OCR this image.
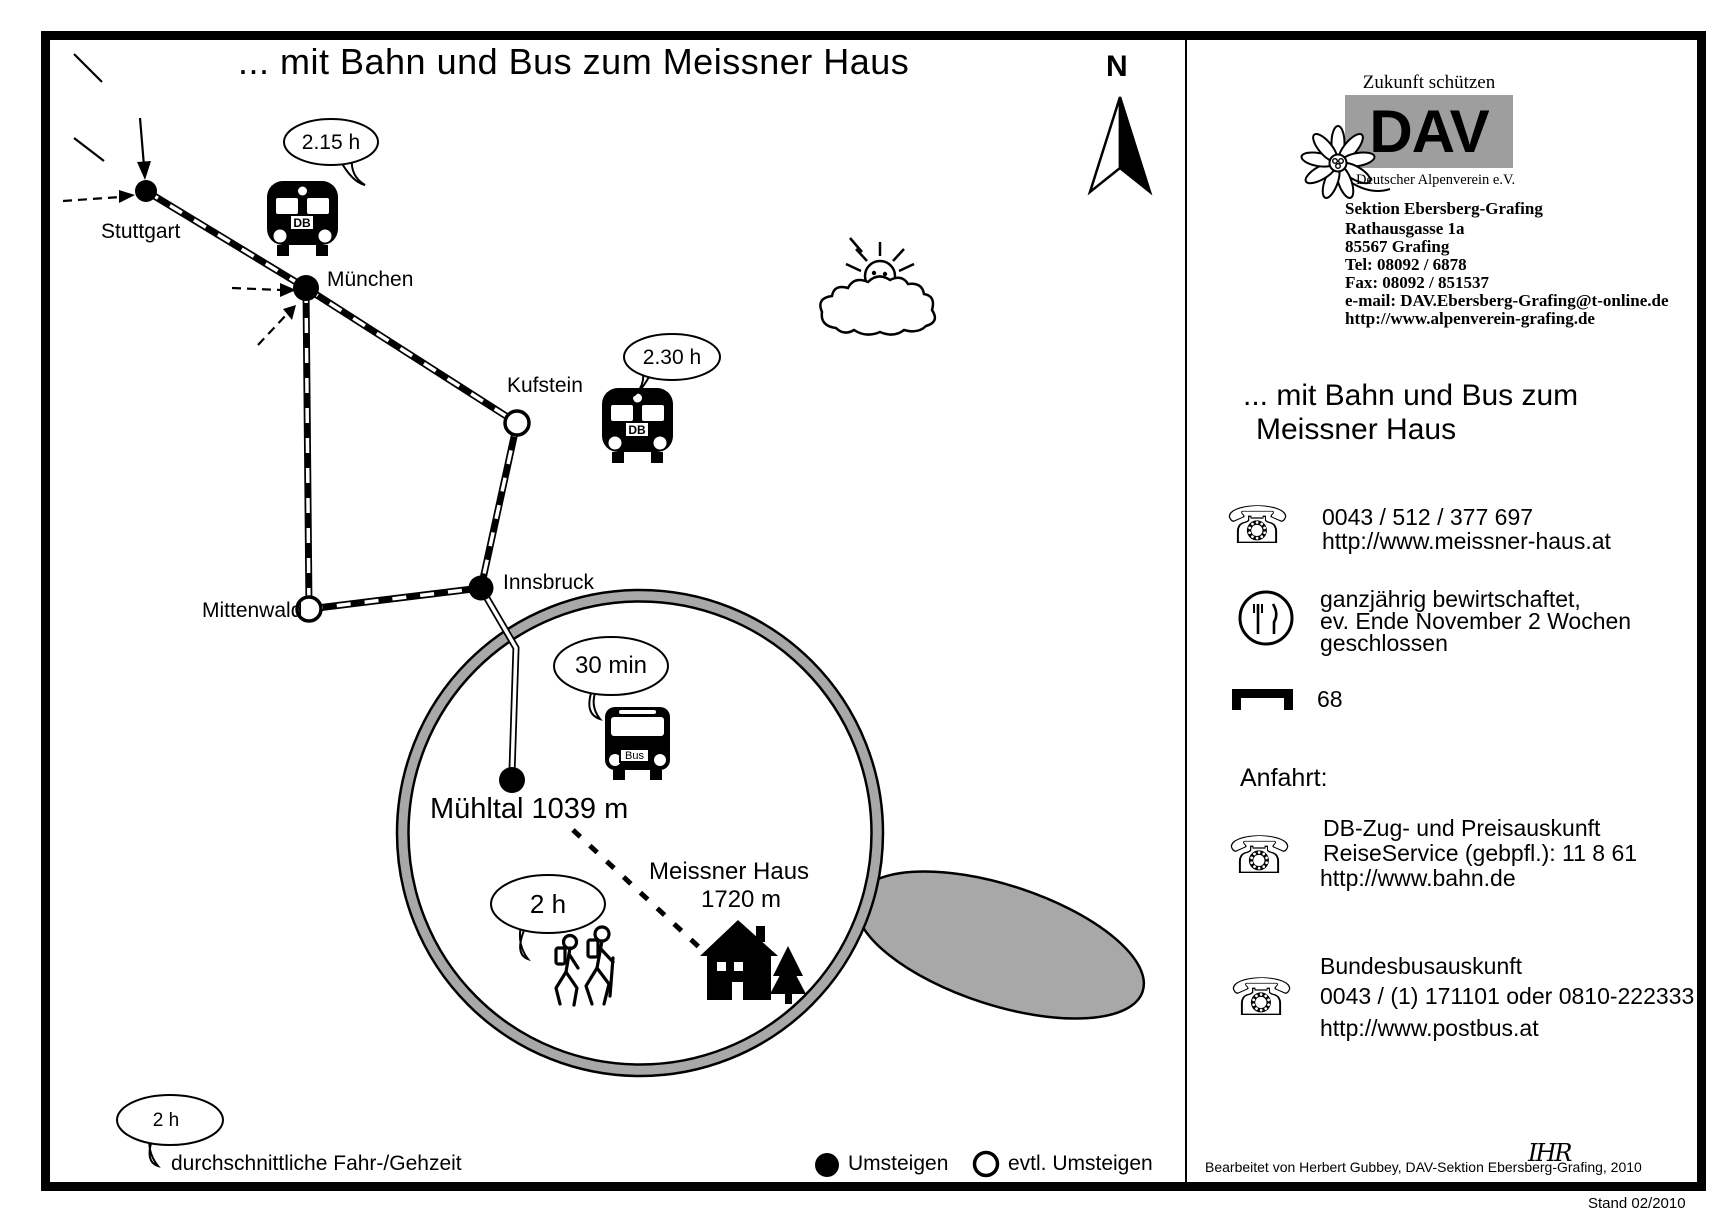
... mit Bahn und Bus zum Meissner Haus	N
Stuttgart
München
Kufstein
Mittenwald
Innsbruck
2.15 h
2.30 h
30 min
2 h
2 h
DB
DB
Bus
Mühltal 1039 m
Meissner Haus
1720 m
durchschnittliche Fahr-/Gehzeit	Umsteigen	evtl. Umsteigen
Zukunft schützen
DAV
Deutscher Alpenverein e.V.
Sektion Ebersberg-Grafing
Rathausgasse 1a
85567 Grafing
Tel: 08092 / 6878
Fax: 08092 / 851537
e-mail: DAV.Ebersberg-Grafing@t-online.de
http://www.alpenverein-grafing.de
... mit Bahn und Bus zum
Meissner Haus
☏ 0043 / 512 / 377 697
http://www.meissner-haus.at
ganzjährig bewirtschaftet,
ev. Ende November 2 Wochen
geschlossen
68
Anfahrt:
☏ DB-Zug- und Preisauskunft
ReiseService (gebpfl.): 11 8 61
http://www.bahn.de
☏
Bundesbusauskunft
0043 / (1) 171101 oder 0810-222333
http://www.postbus.at
Bearbeitet von Herbert Gubbey, DAV-Sektion Ebersberg-Grafing, 2010
IHR
Stand 02/2010
